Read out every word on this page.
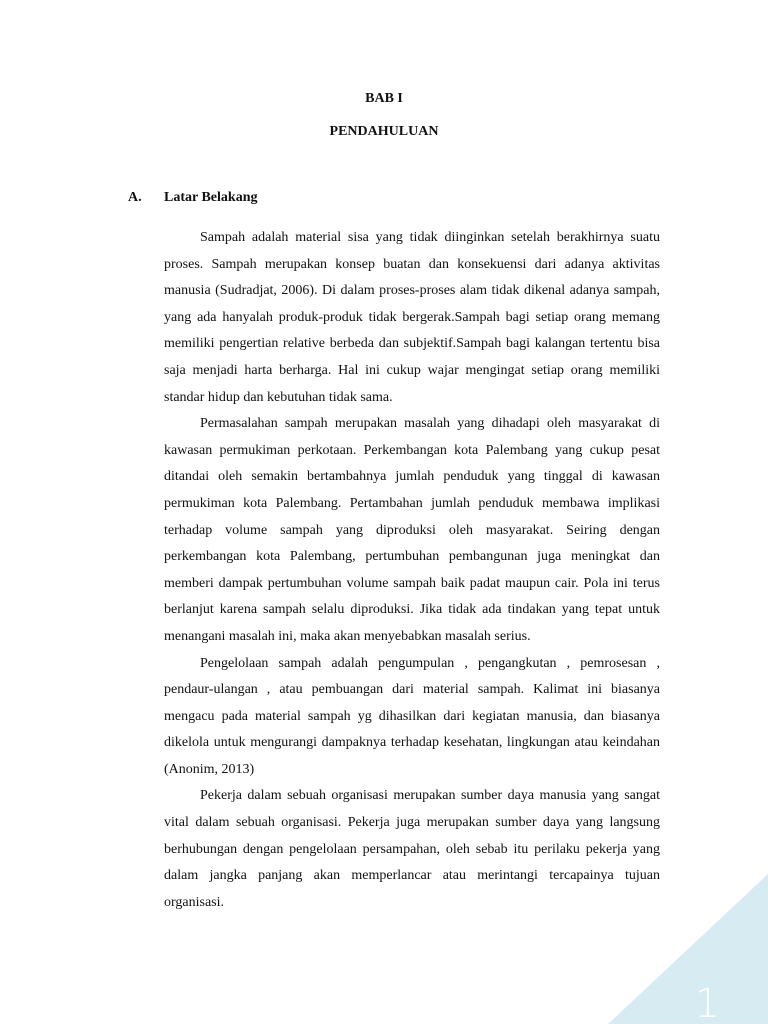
BAB I
PENDAHULUAN
A. Latar Belakang

Sampah adalah material sisa yang tidak diinginkan setelah berakhirnya suatu proses. Sampah merupakan konsep buatan dan konsekuensi dari adanya aktivitas manusia (Sudradjat, 2006). Di dalam proses-proses alam tidak dikenal adanya sampah, yang ada hanyalah produk-produk tidak bergerak.Sampah bagi setiap orang memang memiliki pengertian relative berbeda dan subjektif.Sampah bagi kalangan tertentu bisa saja menjadi harta berharga. Hal ini cukup wajar mengingat setiap orang memiliki standar hidup dan kebutuhan tidak sama.

Permasalahan sampah merupakan masalah yang dihadapi oleh masyarakat di kawasan permukiman perkotaan. Perkembangan kota Palembang yang cukup pesat ditandai oleh semakin bertambahnya jumlah penduduk yang tinggal di kawasan permukiman kota Palembang. Pertambahan jumlah penduduk membawa implikasi terhadap volume sampah yang diproduksi oleh masyarakat. Seiring dengan perkembangan kota Palembang, pertumbuhan pembangunan juga meningkat dan memberi dampak pertumbuhan volume sampah baik padat maupun cair. Pola ini terus berlanjut karena sampah selalu diproduksi. Jika tidak ada tindakan yang tepat untuk menangani masalah ini, maka akan menyebabkan masalah serius.

Pengelolaan sampah adalah pengumpulan , pengangkutan , pemrosesan , pendaur-ulangan , atau pembuangan dari material sampah. Kalimat ini biasanya mengacu pada material sampah yg dihasilkan dari kegiatan manusia, dan biasanya dikelola untuk mengurangi dampaknya terhadap kesehatan, lingkungan atau keindahan (Anonim, 2013)

Pekerja dalam sebuah organisasi merupakan sumber daya manusia yang sangat vital dalam sebuah organisasi. Pekerja juga merupakan sumber daya yang langsung berhubungan dengan pengelolaan persampahan, oleh sebab itu perilaku pekerja yang dalam jangka panjang akan memperlancar atau merintangi tercapainya tujuan organisasi.

1
